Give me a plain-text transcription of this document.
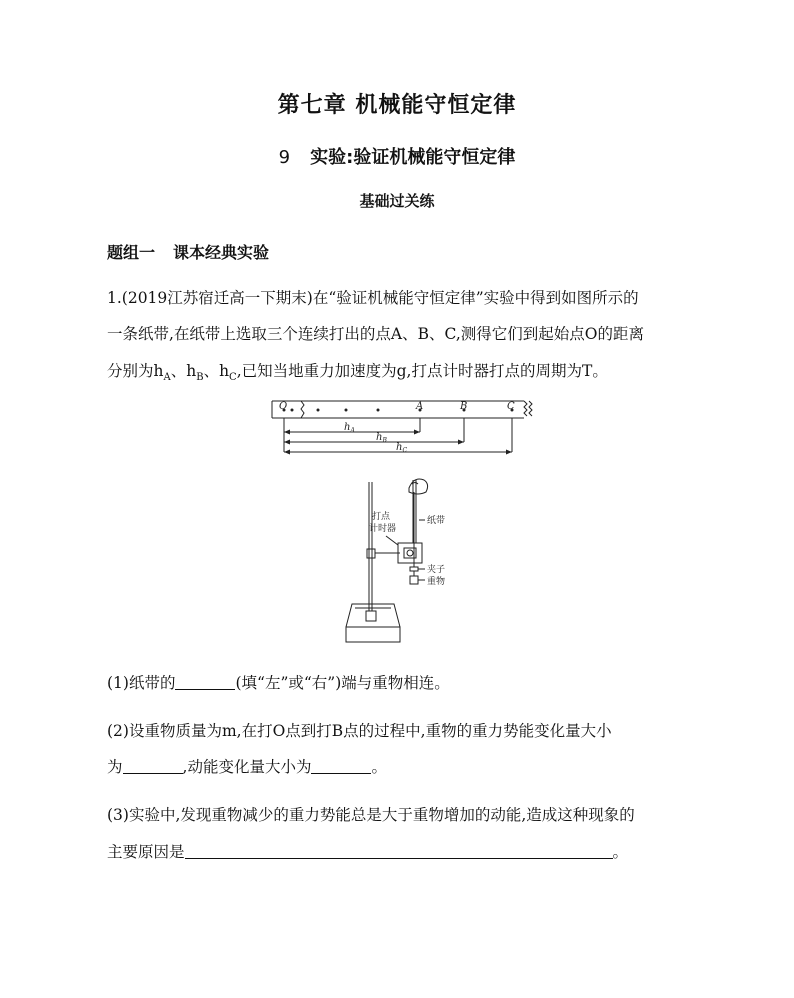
第七章 机械能守恒定律
9 实验:验证机械能守恒定律
基础过关练
题组一 课本经典实验
1.(2019江苏宿迁高一下期末)在“验证机械能守恒定律”实验中得到如图所示的
一条纸带,在纸带上选取三个连续打出的点A、B、C,测得它们到起始点O的距离
分别为$h_A$、$h_B$、$h_C$,已知当地重力加速度为g,打点计时器打点的周期为T。
O	A	B	C
$h_A$
$h_B$
$h_C$
打点
计时器
纸带
夹子
重物
(1)纸带的	(填“左”或“右”)端与重物相连。
(2)设重物质量为m,在打O点到打B点的过程中,重物的重力势能变化量大小
为	,动能变化量大小为	。
(3)实验中,发现重物减少的重力势能总是大于重物增加的动能,造成这种现象的
主要原因是	。
